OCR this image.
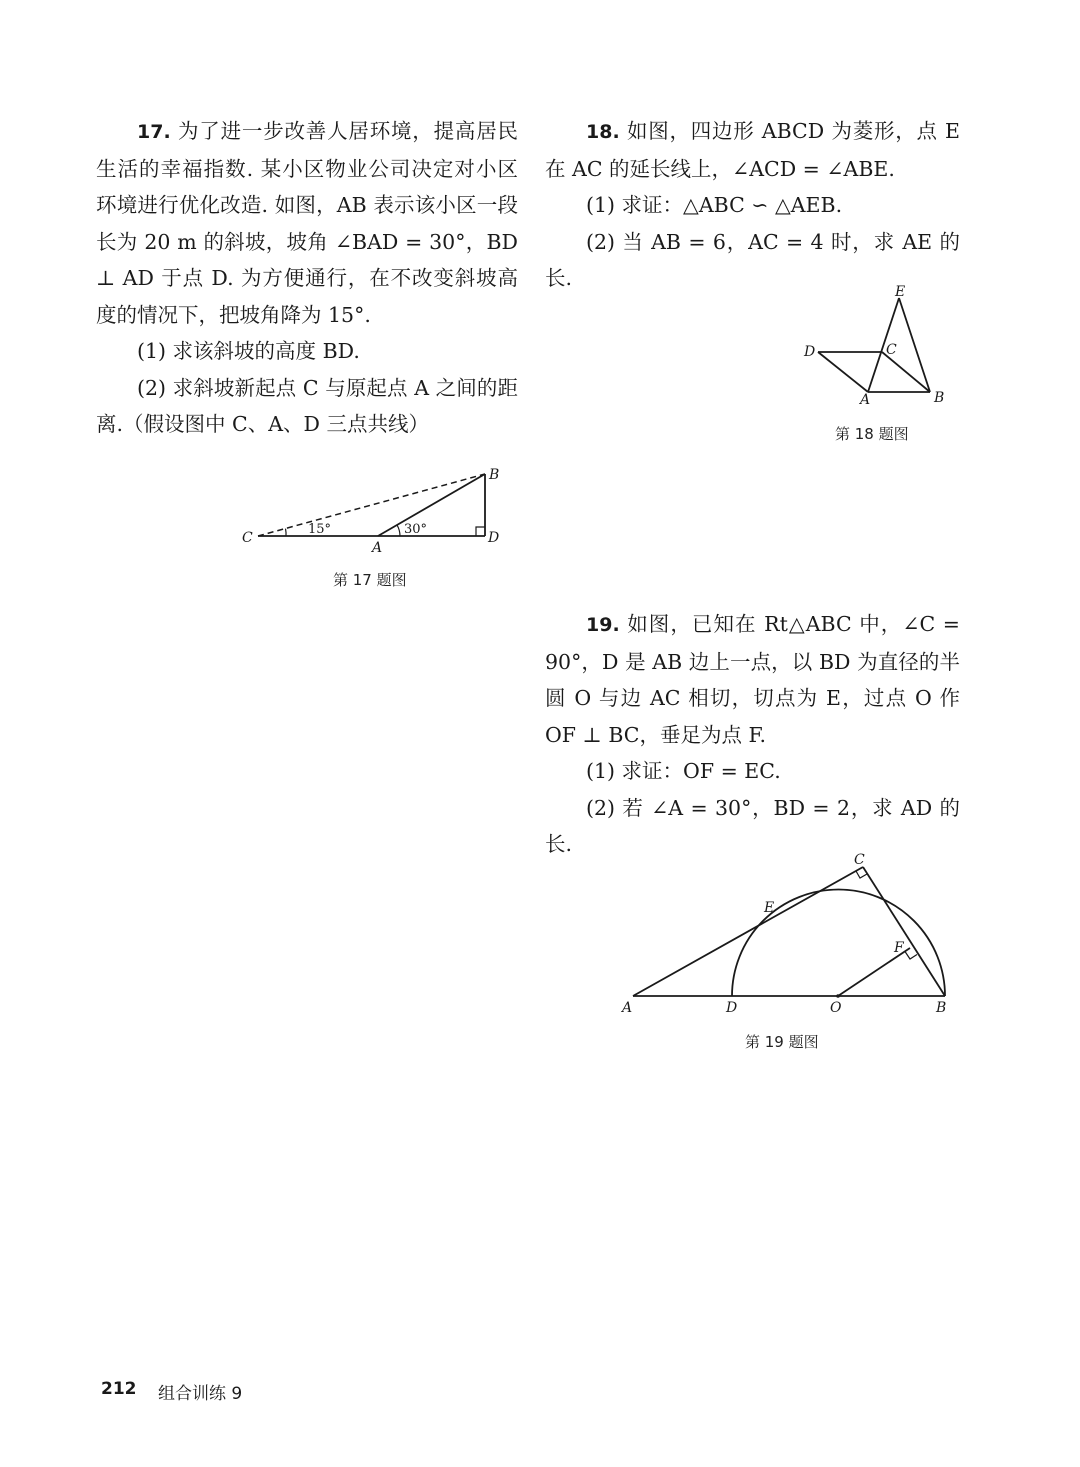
17. 为了进一步改善人居环境，提高居民生活的幸福指数. 某小区物业公司决定对小区环境进行优化改造. 如图，AB 表示该小区一段长为 20 m 的斜坡，坡角 ∠BAD = 30°，BD ⊥ AD 于点 D. 为方便通行，在不改变斜坡高度的情况下，把坡角降为 15°.

(1) 求该斜坡的高度 BD.

(2) 求斜坡新起点 C 与原起点 A 之间的距离.（假设图中 C、A、D 三点共线）

C
A
B
D
15°	30°
第 17 题图

18. 如图，四边形 ABCD 为菱形，点 E 在 AC 的延长线上，∠ACD = ∠ABE.

(1) 求证：△ABC ∽ △AEB.

(2) 当 AB = 6，AC = 4 时，求 AE 的长.

E
D	C
A	B
第 18 题图

19. 如图，已知在 Rt△ABC 中，∠C = 90°，D 是 AB 边上一点，以 BD 为直径的半圆 O 与边 AC 相切，切点为 E，过点 O 作 OF ⊥ BC，垂足为点 F.

(1) 求证：OF = EC.

(2) 若 ∠A = 30°，BD = 2，求 AD 的长.

C
E
F
A	D	O	B
第 19 题图
212 组合训练 9
